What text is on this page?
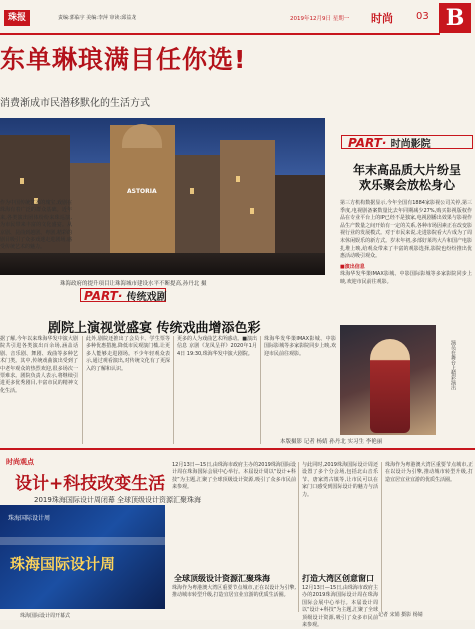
珠报	责编:郭临宇 美编:李萍 审读:邱益龙	2019年12月9日 星期一 时尚 03 B
东单琳琅满目任你选!
消费渐成市民潜移默化的生活方式
ASTORIA
珠海政府的提升项目让珠海城市建设水平不断提高,孙丹北 摄
PART· 时尚影院
年末高品质大片纷呈
欢乐聚会放松身心

第三方机构数据显示,今年全国有1884家影视公司关停,第三季度,电视剧备案数量比去年同期减少27%,购买影视版权作品在专业平台上的IP已经不是独家,电视剧播出效果与影视作品生产数量之间开始有一定的关系,各种市场因素正在改变影视行业的发展模式。对于市民来说,走进影院看大片成为了周末休闲娱乐的新方式。岁末年初,多部好莱坞大片和国产电影扎堆上映,给观众带来了丰富的观影选择,影院也纷纷推出优惠活动吸引观众。

■演出信息

珠海华发华策IMAX影城、中影国际影城等多家影院同步上映,欢迎市民前往观影。

演员在舞台上精彩演出
作为中国传统艺术的瑰宝,戏剧在珠海有着广泛的群众基础。近年来,各类演出团体纷纷来珠巡演,为市民带来丰富的文化盛宴。从京剧、昆曲到越剧、粤剧,精彩的剧目吸引了众多戏迷走进剧场,感受传统艺术的魅力。
PART· 传统戏剧
剧院上演视觉盛宴 传统戏曲增添色彩
据了解,今年以来珠海华发中演大剧院共引进各类演出百余场,涵盖话剧、音乐剧、舞剧、戏曲等多种艺术门类。其中,传统戏曲演出受到了中老年观众的热烈欢迎,很多场次一票难求。剧院负责人表示,将继续引进更多优秀剧目,丰富市民的精神文化生活。
此外,剧院还推出了会员卡、学生票等多种优惠措施,降低市民观演门槛,让更多人能够走进剧场。不少年轻观众表示,通过观看演出,对传统文化有了更深入的了解和认识。
更多的人为戏曲艺术所感动。■演出信息 京剧《龙凤呈祥》2020年1月4日 19:30,珠海华发中演大剧院。
珠海华发华策IMAX影城、中影国际影城等多家影院同步上映,欢迎市民前往观影。
本版摄影 记者 杨婧 孙丹北 实习生 李艳丽
时尚观点
设计+科技改变生活
2019珠海国际设计周闭幕 全球顶级设计资源汇聚珠海
珠海国际设计周
珠海国际设计周
珠海国际设计周开幕式
12月13日—15日,由珠海市政府主办的2019珠海国际设计周在珠海国际会展中心举行。本届设计周以“设计+科技”为主题,汇聚了全球顶级设计资源,吸引了众多市民前来参观。
与此同时,2019珠海国际设计周还设置了多个分会场,包括北山音乐节、唐家湾古镇等,让市民可以在家门口感受到国际设计的魅力与活力。
珠海作为粤港澳大湾区重要节点城市,正在以设计为引擎,推动城市转型升级,打造宜居宜业宜游的优质生活圈。
全球顶级设计资源汇聚珠海	打造大湾区创意窗口
珠海作为粤港澳大湾区重要节点城市,正在以设计为引擎,推动城市转型升级,打造宜居宜业宜游的优质生活圈。
12月13日—15日,由珠海市政府主办的2019珠海国际设计周在珠海国际会展中心举行。本届设计周以“设计+科技”为主题,汇聚了全球顶级设计资源,吸引了众多市民前来参观。
记者 宋娟 摄影 杨婧
